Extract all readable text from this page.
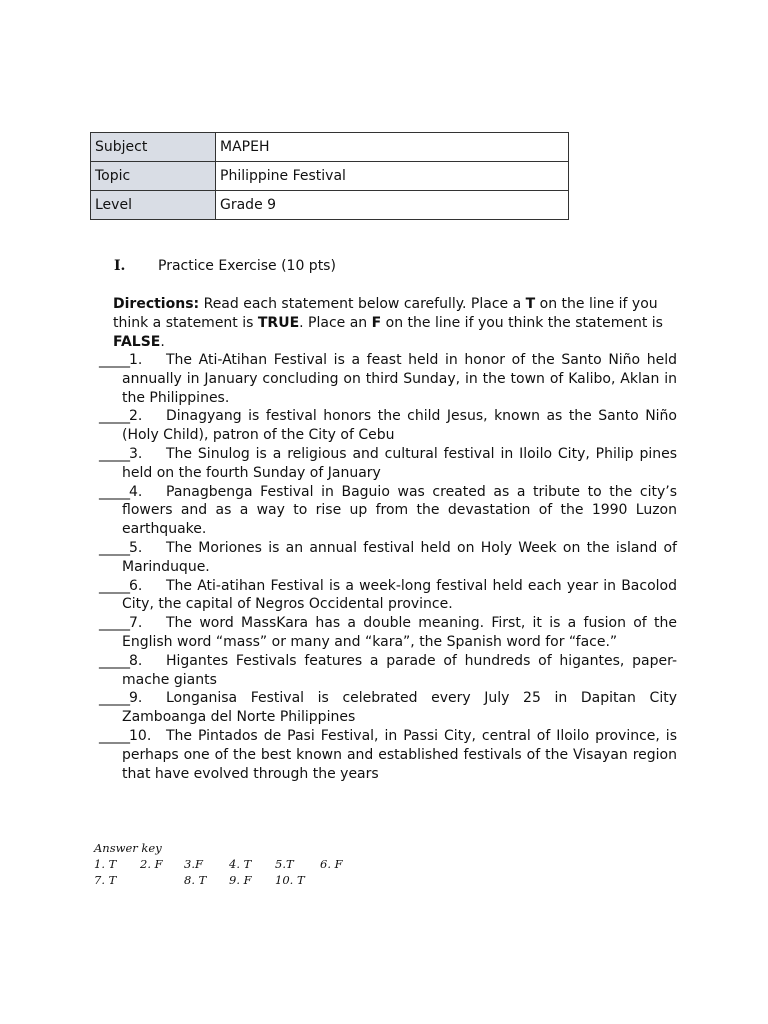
Subject	MAPEH
Topic	Philippine Festival
Level	Grade 9
I. Practice Exercise (10 pts)
Directions: Read each statement below carefully. Place a T on the line if you think a statement is TRUE. Place an F on the line if you think the statement is FALSE.
_____1. The Ati-Atihan Festival is a feast held in honor of the Santo Niño held annually in January concluding on third Sunday, in the town of Kalibo, Aklan in the Philippines.
_____2. Dinagyang is festival honors the child Jesus, known as the Santo Niño (Holy Child), patron of the City of Cebu
_____3. The Sinulog is a religious and cultural festival in Iloilo City, Philip pines held on the fourth Sunday of January
_____4. Panagbenga Festival in Baguio was created as a tribute to the city’s flowers and as a way to rise up from the devastation of the 1990 Luzon earthquake.
_____5. The Moriones is an annual festival held on Holy Week on the island of Marinduque.
_____6. The Ati-atihan Festival is a week-long festival held each year in Bacolod City, the capital of Negros Occidental province.
_____7. The word MassKara has a double meaning. First, it is a fusion of the English word “mass” or many and “kara”, the Spanish word for “face.”
_____8. Higantes Festivals features a parade of hundreds of higantes, paper-mache giants
_____9. Longanisa Festival is celebrated every July 25 in Dapitan City Zamboanga del Norte Philippines
_____10. The Pintados de Pasi Festival, in Passi City, central of Iloilo province, is perhaps one of the best known and established festivals of the Visayan region that have evolved through the years
Answer key
1. T 2. F 3.F 4. T 5.T 6. F
7. T	8. T 9. F 10. T
